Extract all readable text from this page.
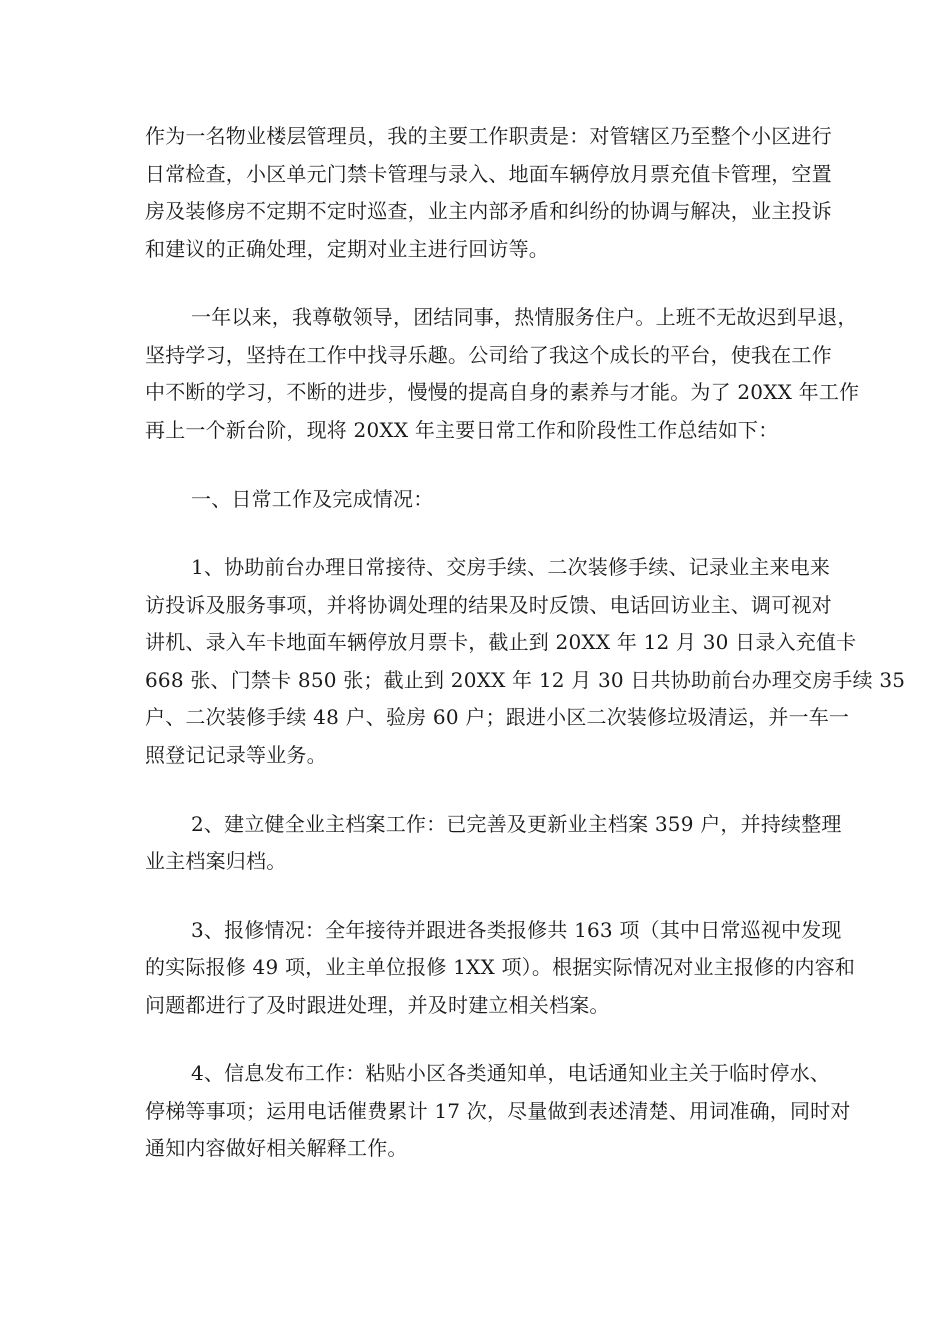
作为一名物业楼层管理员，我的主要工作职责是：对管辖区乃至整个小区进行
日常检查，小区单元门禁卡管理与录入、地面车辆停放月票充值卡管理，空置
房及装修房不定期不定时巡查，业主内部矛盾和纠纷的协调与解决，业主投诉
和建议的正确处理，定期对业主进行回访等。
一年以来，我尊敬领导，团结同事，热情服务住户。上班不无故迟到早退，
坚持学习，坚持在工作中找寻乐趣。公司给了我这个成长的平台，使我在工作
中不断的学习，不断的进步，慢慢的提高自身的素养与才能。为了 20XX 年工作
再上一个新台阶，现将 20XX 年主要日常工作和阶段性工作总结如下：
一、日常工作及完成情况：
1、协助前台办理日常接待、交房手续、二次装修手续、记录业主来电来
访投诉及服务事项，并将协调处理的结果及时反馈、电话回访业主、调可视对
讲机、录入车卡地面车辆停放月票卡，截止到 20XX 年 12 月 30 日录入充值卡
668 张、门禁卡 850 张；截止到 20XX 年 12 月 30 日共协助前台办理交房手续 35
户、二次装修手续 48 户、验房 60 户；跟进小区二次装修垃圾清运，并一车一
照登记记录等业务。
2、建立健全业主档案工作：已完善及更新业主档案 359 户，并持续整理
业主档案归档。
3、报修情况：全年接待并跟进各类报修共 163 项（其中日常巡视中发现
的实际报修 49 项，业主单位报修 1XX 项）。根据实际情况对业主报修的内容和
问题都进行了及时跟进处理，并及时建立相关档案。
4、信息发布工作：粘贴小区各类通知单，电话通知业主关于临时停水、
停梯等事项；运用电话催费累计 17 次，尽量做到表述清楚、用词准确，同时对
通知内容做好相关解释工作。
